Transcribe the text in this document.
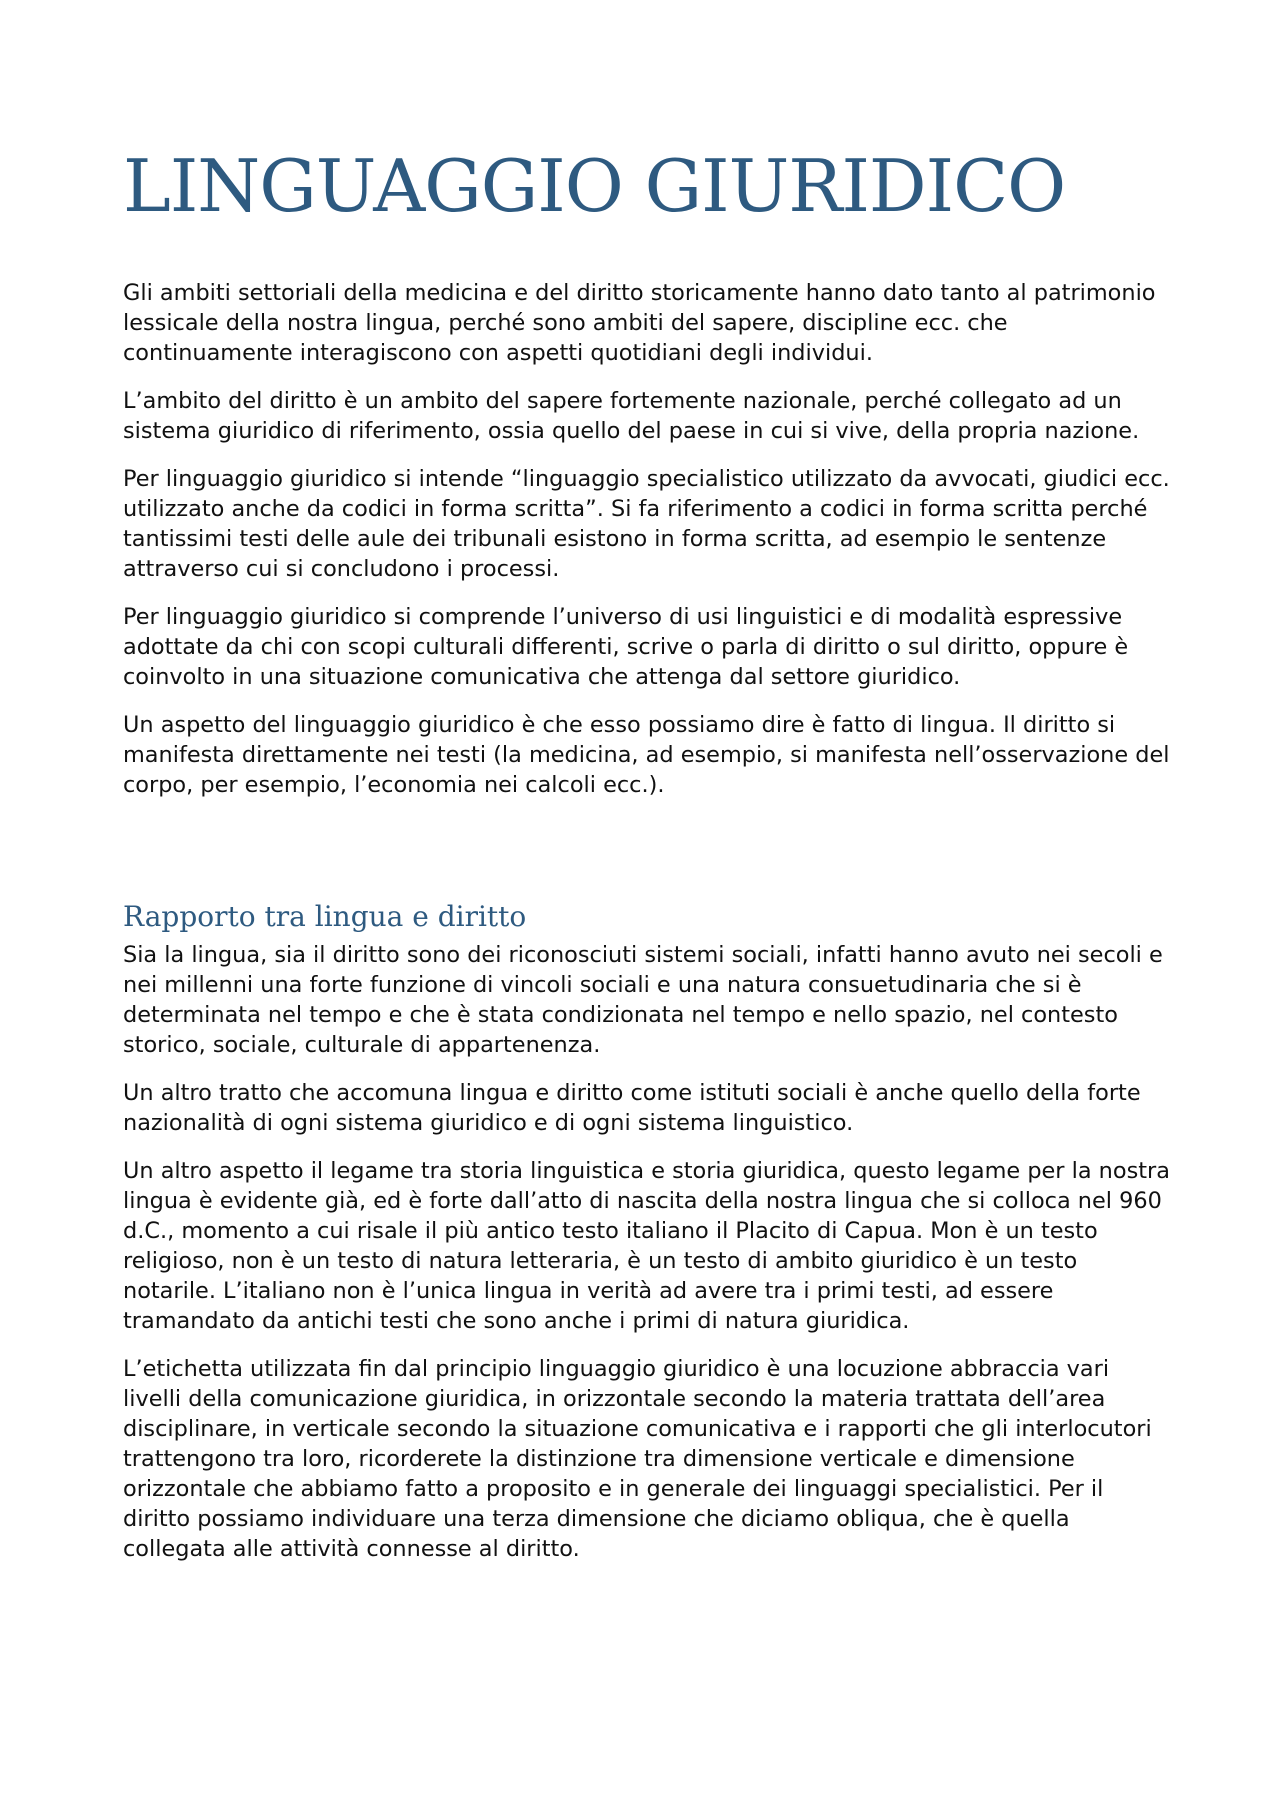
LINGUAGGIO GIURIDICO

Gli ambiti settoriali della medicina e del diritto storicamente hanno dato tanto al patrimonio lessicale della nostra lingua, perché sono ambiti del sapere, discipline ecc. che continuamente interagiscono con aspetti quotidiani degli individui.

L’ambito del diritto è un ambito del sapere fortemente nazionale, perché collegato ad un sistema giuridico di riferimento, ossia quello del paese in cui si vive, della propria nazione.

Per linguaggio giuridico si intende “linguaggio specialistico utilizzato da avvocati, giudici ecc. utilizzato anche da codici in forma scritta”. Si fa riferimento a codici in forma scritta perché tantissimi testi delle aule dei tribunali esistono in forma scritta, ad esempio le sentenze attraverso cui si concludono i processi.

Per linguaggio giuridico si comprende l’universo di usi linguistici e di modalità espressive adottate da chi con scopi culturali differenti, scrive o parla di diritto o sul diritto, oppure è coinvolto in una situazione comunicativa che attenga dal settore giuridico.

Un aspetto del linguaggio giuridico è che esso possiamo dire è fatto di lingua. Il diritto si manifesta direttamente nei testi (la medicina, ad esempio, si manifesta nell’osservazione del corpo, per esempio, l’economia nei calcoli ecc.).

Rapporto tra lingua e diritto

Sia la lingua, sia il diritto sono dei riconosciuti sistemi sociali, infatti hanno avuto nei secoli e nei millenni una forte funzione di vincoli sociali e una natura consuetudinaria che si è determinata nel tempo e che è stata condizionata nel tempo e nello spazio, nel contesto storico, sociale, culturale di appartenenza.

Un altro tratto che accomuna lingua e diritto come istituti sociali è anche quello della forte nazionalità di ogni sistema giuridico e di ogni sistema linguistico.

Un altro aspetto il legame tra storia linguistica e storia giuridica, questo legame per la nostra lingua è evidente già, ed è forte dall’atto di nascita della nostra lingua che si colloca nel 960 d.C., momento a cui risale il più antico testo italiano il Placito di Capua. Mon è un testo religioso, non è un testo di natura letteraria, è un testo di ambito giuridico è un testo notarile. L’italiano non è l’unica lingua in verità ad avere tra i primi testi, ad essere tramandato da antichi testi che sono anche i primi di natura giuridica.

L’etichetta utilizzata fin dal principio linguaggio giuridico è una locuzione abbraccia vari livelli della comunicazione giuridica, in orizzontale secondo la materia trattata dell’area disciplinare, in verticale secondo la situazione comunicativa e i rapporti che gli interlocutori trattengono tra loro, ricorderete la distinzione tra dimensione verticale e dimensione orizzontale che abbiamo fatto a proposito e in generale dei linguaggi specialistici. Per il diritto possiamo individuare una terza dimensione che diciamo obliqua, che è quella collegata alle attività connesse al diritto.
